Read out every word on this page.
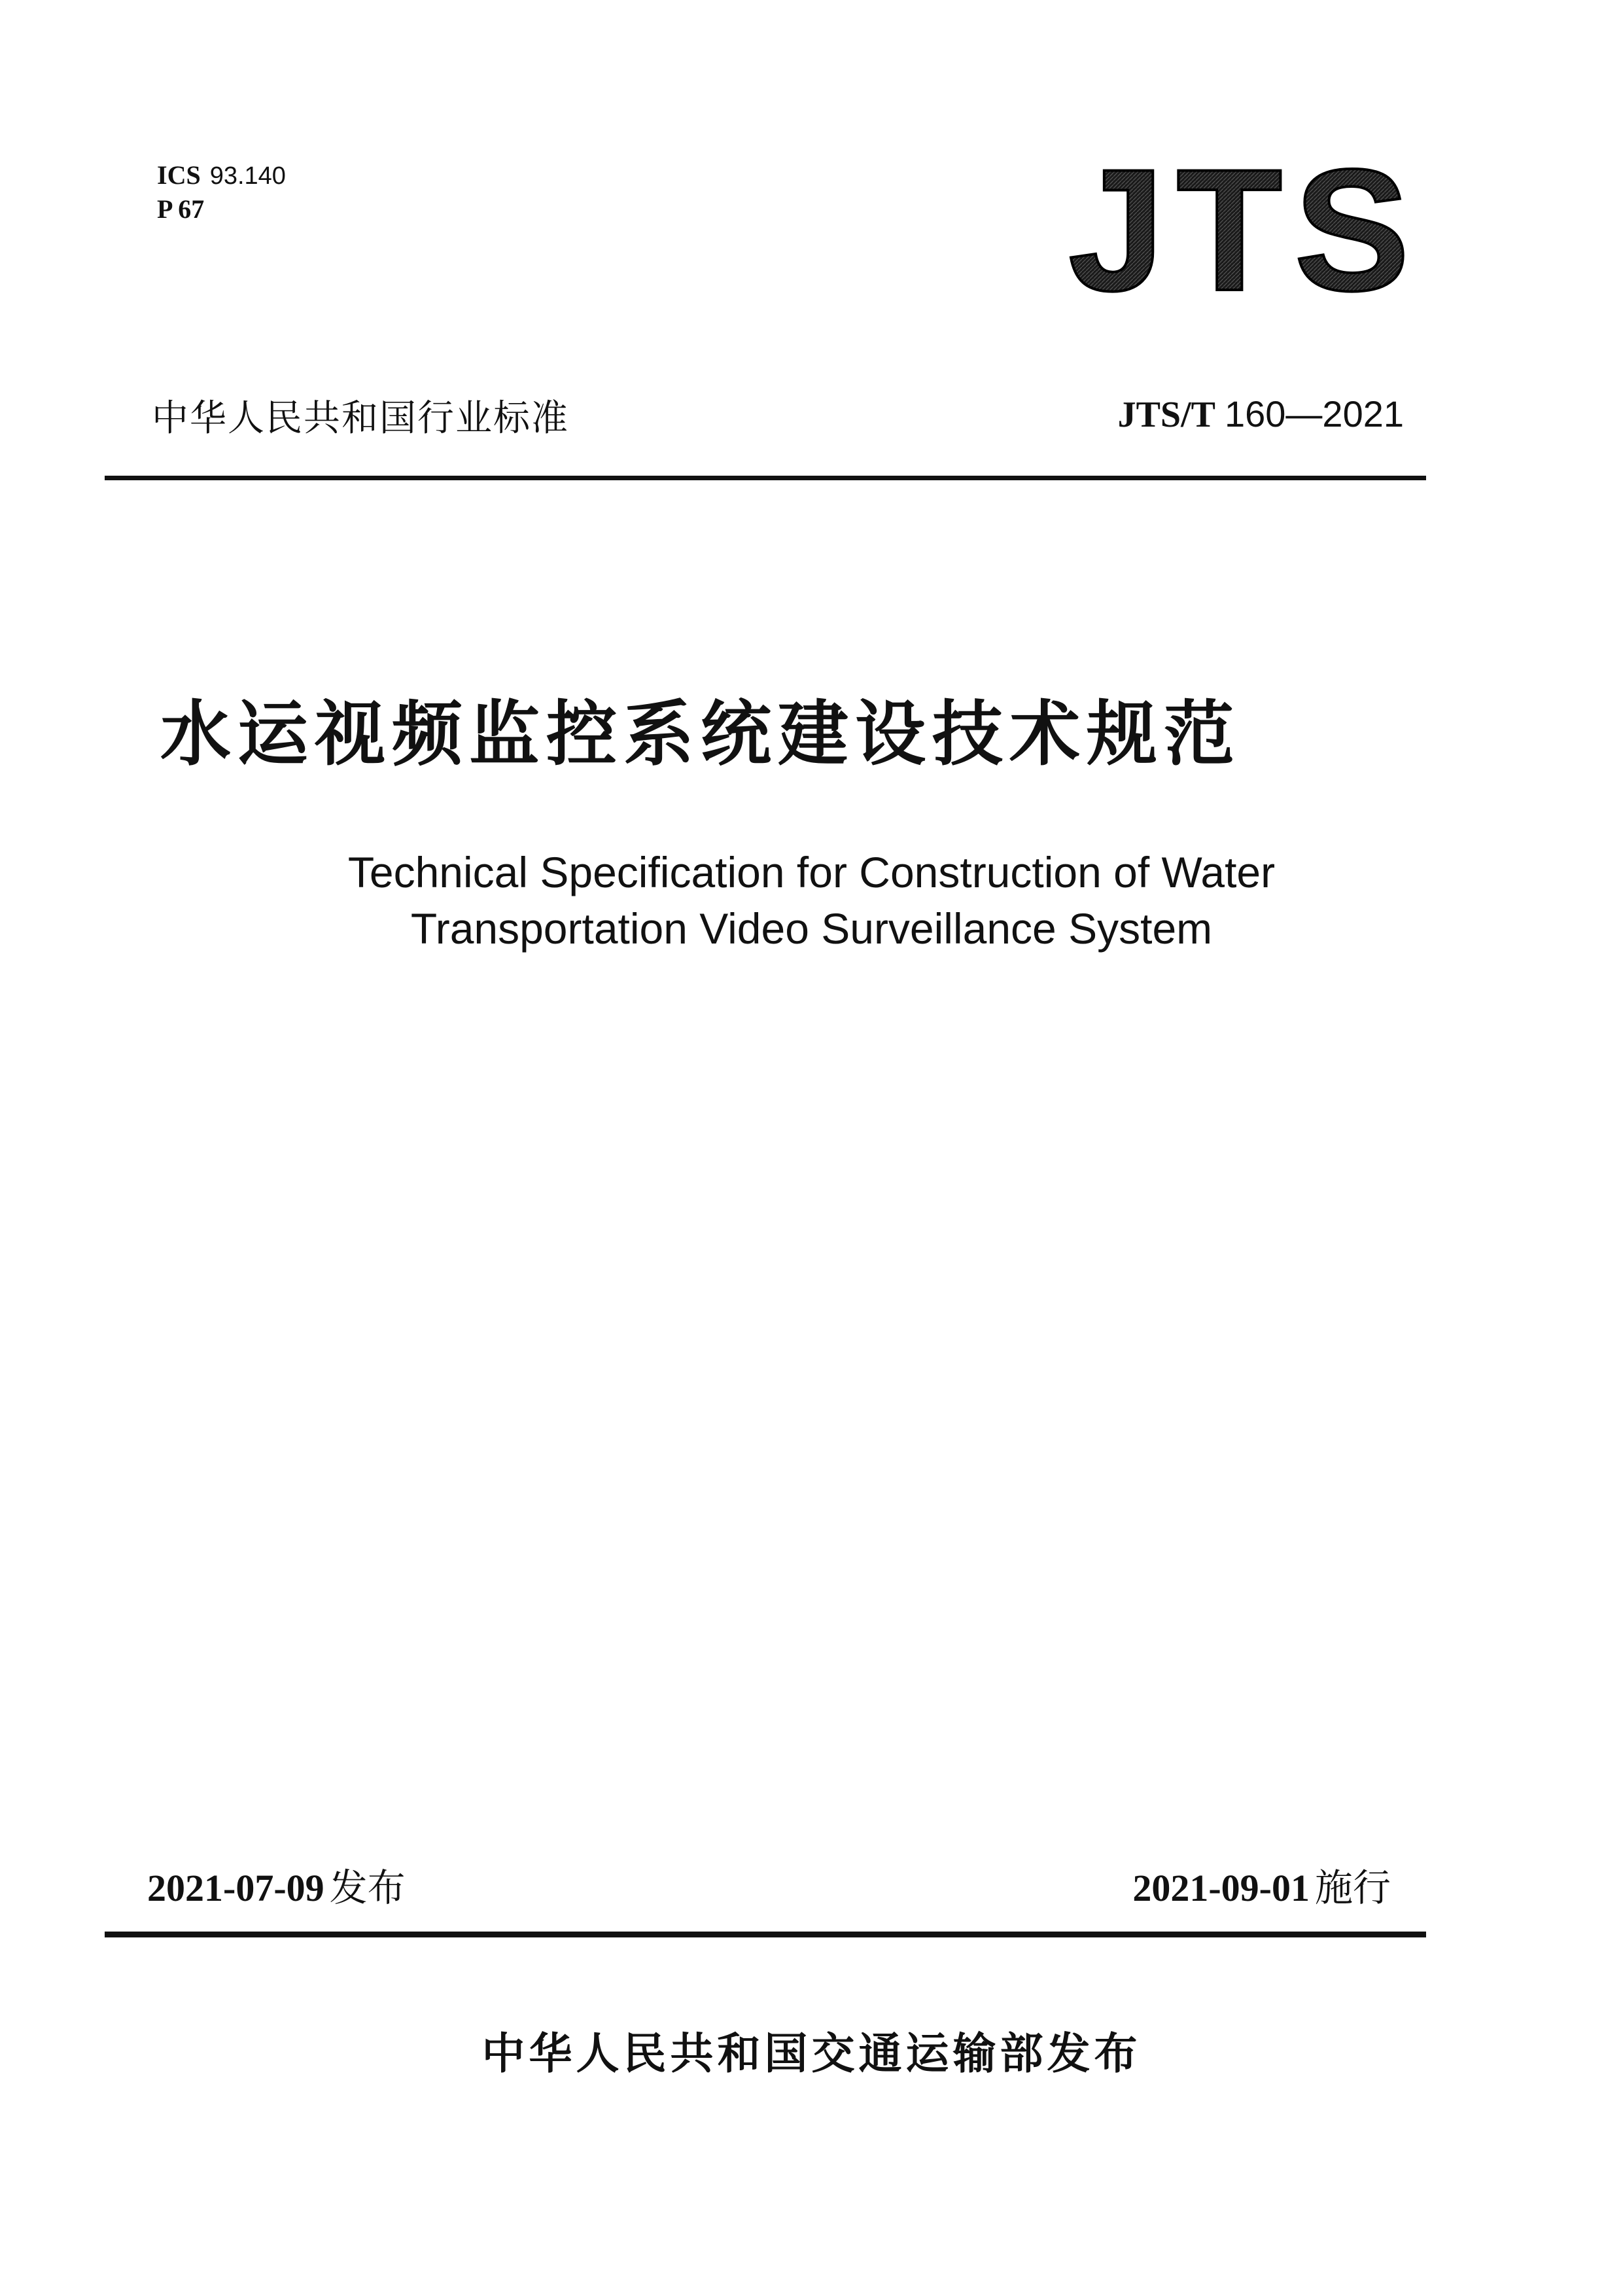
ICS 93.140
P 67	JTS
中华人民共和国行业标准	JTS/T 160—2021
水运视频监控系统建设技术规范
Technical Specification for Construction of Water
Transportation Video Surveillance System
2021-07-09 发布	2021-09-01 施行
中华人民共和国交通运输部发布
